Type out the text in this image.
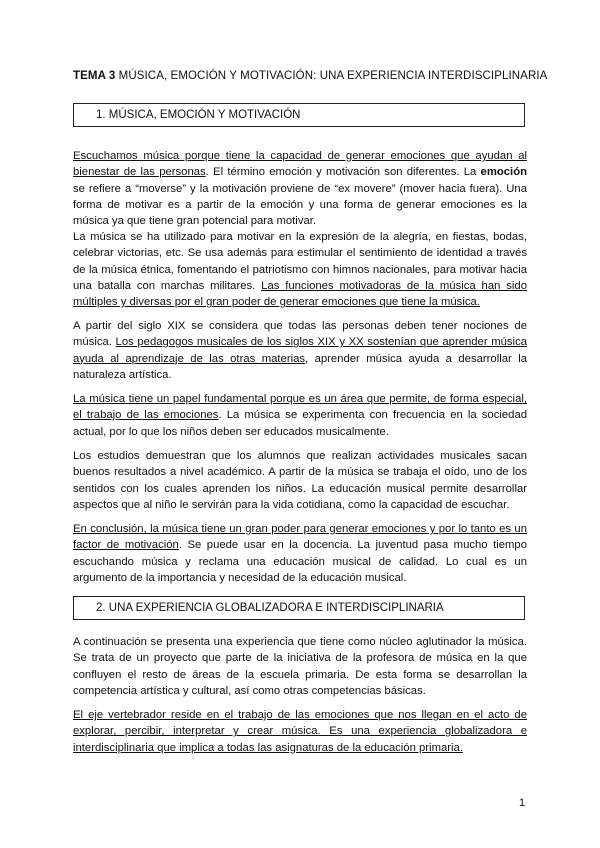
TEMA 3 MÚSICA, EMOCIÓN Y MOTIVACIÓN: UNA EXPERIENCIA INTERDISCIPLINARIA
1. MÚSICA, EMOCIÓN Y MOTIVACIÓN

Escuchamos música porque tiene la capacidad de generar emociones que ayudan al bienestar de las personas. El término emoción y motivación son diferentes. La emoción se refiere a “moverse” y la motivación proviene de “ex movere” (mover hacia fuera). Una forma de motivar es a partir de la emoción y una forma de generar emociones es la música ya que tiene gran potencial para motivar.

La música se ha utilizado para motivar en la expresión de la alegría, en fiestas, bodas, celebrar victorias, etc. Se usa además para estimular el sentimiento de identidad a través de la música étnica, fomentando el patriotismo con himnos nacionales, para motivar hacia una batalla con marchas militares. Las funciones motivadoras de la música han sido múltiples y diversas por el gran poder de generar emociones que tiene la música.

A partir del siglo XIX se considera que todas las personas deben tener nociones de música. Los pedagogos musicales de los siglos XIX y XX sostenían que aprender música ayuda al aprendizaje de las otras materias, aprender música ayuda a desarrollar la naturaleza artística.

La música tiene un papel fundamental porque es un área que permite, de forma especial, el trabajo de las emociones. La música se experimenta con frecuencia en la sociedad actual, por lo que los niños deben ser educados musicalmente.

Los estudios demuestran que los alumnos que realizan actividades musicales sacan buenos resultados a nivel académico. A partir de la música se trabaja el oído, uno de los sentidos con los cuales aprenden los niños. La educación musical permite desarrollar aspectos que al niño le servirán para la vida cotidiana, como la capacidad de escuchar.

En conclusión, la música tiene un gran poder para generar emociones y por lo tanto es un factor de motivación. Se puede usar en la docencia. La juventud pasa mucho tiempo escuchando música y reclama una educación musical de calidad. Lo cual es un argumento de la importancia y necesidad de la educación musical.

2. UNA EXPERIENCIA GLOBALIZADORA E INTERDISCIPLINARIA

A continuación se presenta una experiencia que tiene como núcleo aglutinador la música. Se trata de un proyecto que parte de la iniciativa de la profesora de música en la que confluyen el resto de áreas de la escuela primaria. De esta forma se desarrollan la competencia artística y cultural, así como otras competencias básicas.

El eje vertebrador reside en el trabajo de las emociones que nos llegan en el acto de explorar, percibir, interpretar y crear música. Es una experiencia globalizadora e interdisciplinaria que implica a todas las asignaturas de la educación primaria.

1
